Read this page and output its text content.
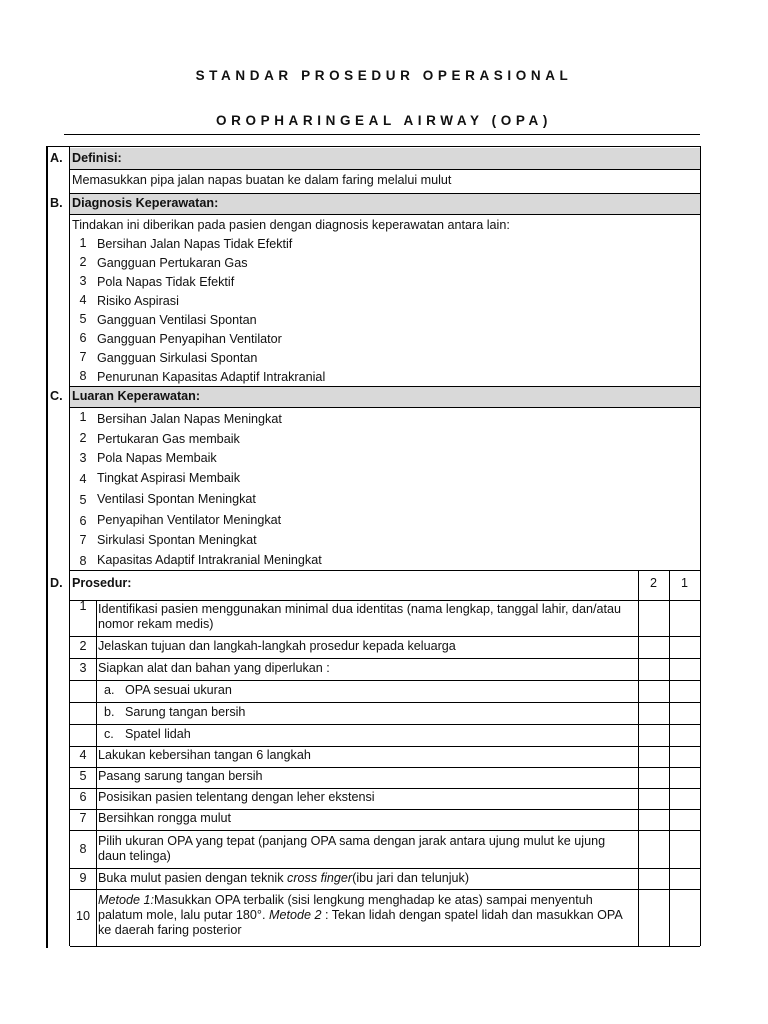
STANDAR PROSEDUR OPERASIONAL
OROPHARINGEAL AIRWAY (OPA)
A. Definisi:
Memasukkan pipa jalan napas buatan ke dalam faring melalui mulut
B. Diagnosis Keperawatan:
Tindakan ini diberikan pada pasien dengan diagnosis keperawatan antara lain:
1 Bersihan Jalan Napas Tidak Efektif
2 Gangguan Pertukaran Gas
3 Pola Napas Tidak Efektif
4 Risiko Aspirasi
5 Gangguan Ventilasi Spontan
6 Gangguan Penyapihan Ventilator
7 Gangguan Sirkulasi Spontan
8 Penurunan Kapasitas Adaptif Intrakranial
C. Luaran Keperawatan:
1 Bersihan Jalan Napas Meningkat
2 Pertukaran Gas membaik
3 Pola Napas Membaik
4 Tingkat Aspirasi Membaik
5 Ventilasi Spontan Meningkat
6 Penyapihan Ventilator Meningkat
7 Sirkulasi Spontan Meningkat
8 Kapasitas Adaptif Intrakranial Meningkat
D. Prosedur:	2	1
1 Identifikasi pasien menggunakan minimal dua identitas (nama lengkap, tanggal lahir, dan/atau nomor rekam medis)
2 Jelaskan tujuan dan langkah-langkah prosedur kepada keluarga
3 Siapkan alat dan bahan yang diperlukan :
a. OPA sesuai ukuran
b. Sarung tangan bersih
c. Spatel lidah
4 Lakukan kebersihan tangan 6 langkah
5 Pasang sarung tangan bersih
6 Posisikan pasien telentang dengan leher ekstensi
7 Bersihkan rongga mulut
8
Pilih ukuran OPA yang tepat (panjang OPA sama dengan jarak antara ujung mulut ke ujung daun telinga)
9 Buka mulut pasien dengan teknik cross finger(ibu jari dan telunjuk)
10
Metode 1:Masukkan OPA terbalik (sisi lengkung menghadap ke atas) sampai menyentuh palatum mole, lalu putar 180°. Metode 2 : Tekan lidah dengan spatel lidah dan masukkan OPA ke daerah faring posterior
